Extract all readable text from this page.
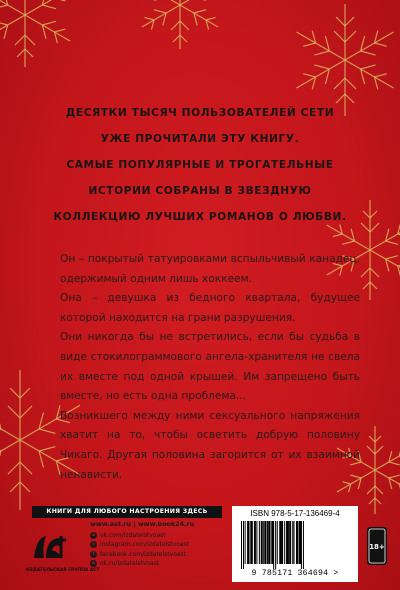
ДЕСЯТКИ ТЫСЯЧ ПОЛЬЗОВАТЕЛЕЙ СЕТИ
УЖЕ ПРОЧИТАЛИ ЭТУ КНИГУ.
САМЫЕ ПОПУЛЯРНЫЕ И ТРОГАТЕЛЬНЫЕ
ИСТОРИИ СОБРАНЫ В ЗВЕЗДНУЮ
КОЛЛЕКЦИЮ ЛУЧШИХ РОМАНОВ О ЛЮБВИ.

Он – покрытый татуировками вспыльчивый канадец, одержимый одним лишь хоккеем.

Она – девушка из бедного квартала, будущее которой находится на грани разрушения.

Они никогда бы не встретились, если бы судьба в виде стокилограммового ангела-хранителя не свела их вместе под одной крышей. Им запрещено быть вместе, но есть одна проблема...

Возникшего между ними сексуального напряжения хватит на то, чтобы осветить добрую половину Чикаго. Другая половина загорится от их взаимной ненависти.

КНИГИ ДЛЯ ЛЮБОГО НАСТРОЕНИЯ ЗДЕСЬ
ИЗДАТЕЛЬСКАЯ ГРУППА АСТ
www.ast.ru | www.book24.ru
в vk.com/izdatelstvoast
◎ instagram.com/izdatelstvoast
f facebook.com/izdatelstvoast
о ok.ru/izdatelstvoast
ISBN 978-5-17-136469-4
9 785171 364694 >
18+
